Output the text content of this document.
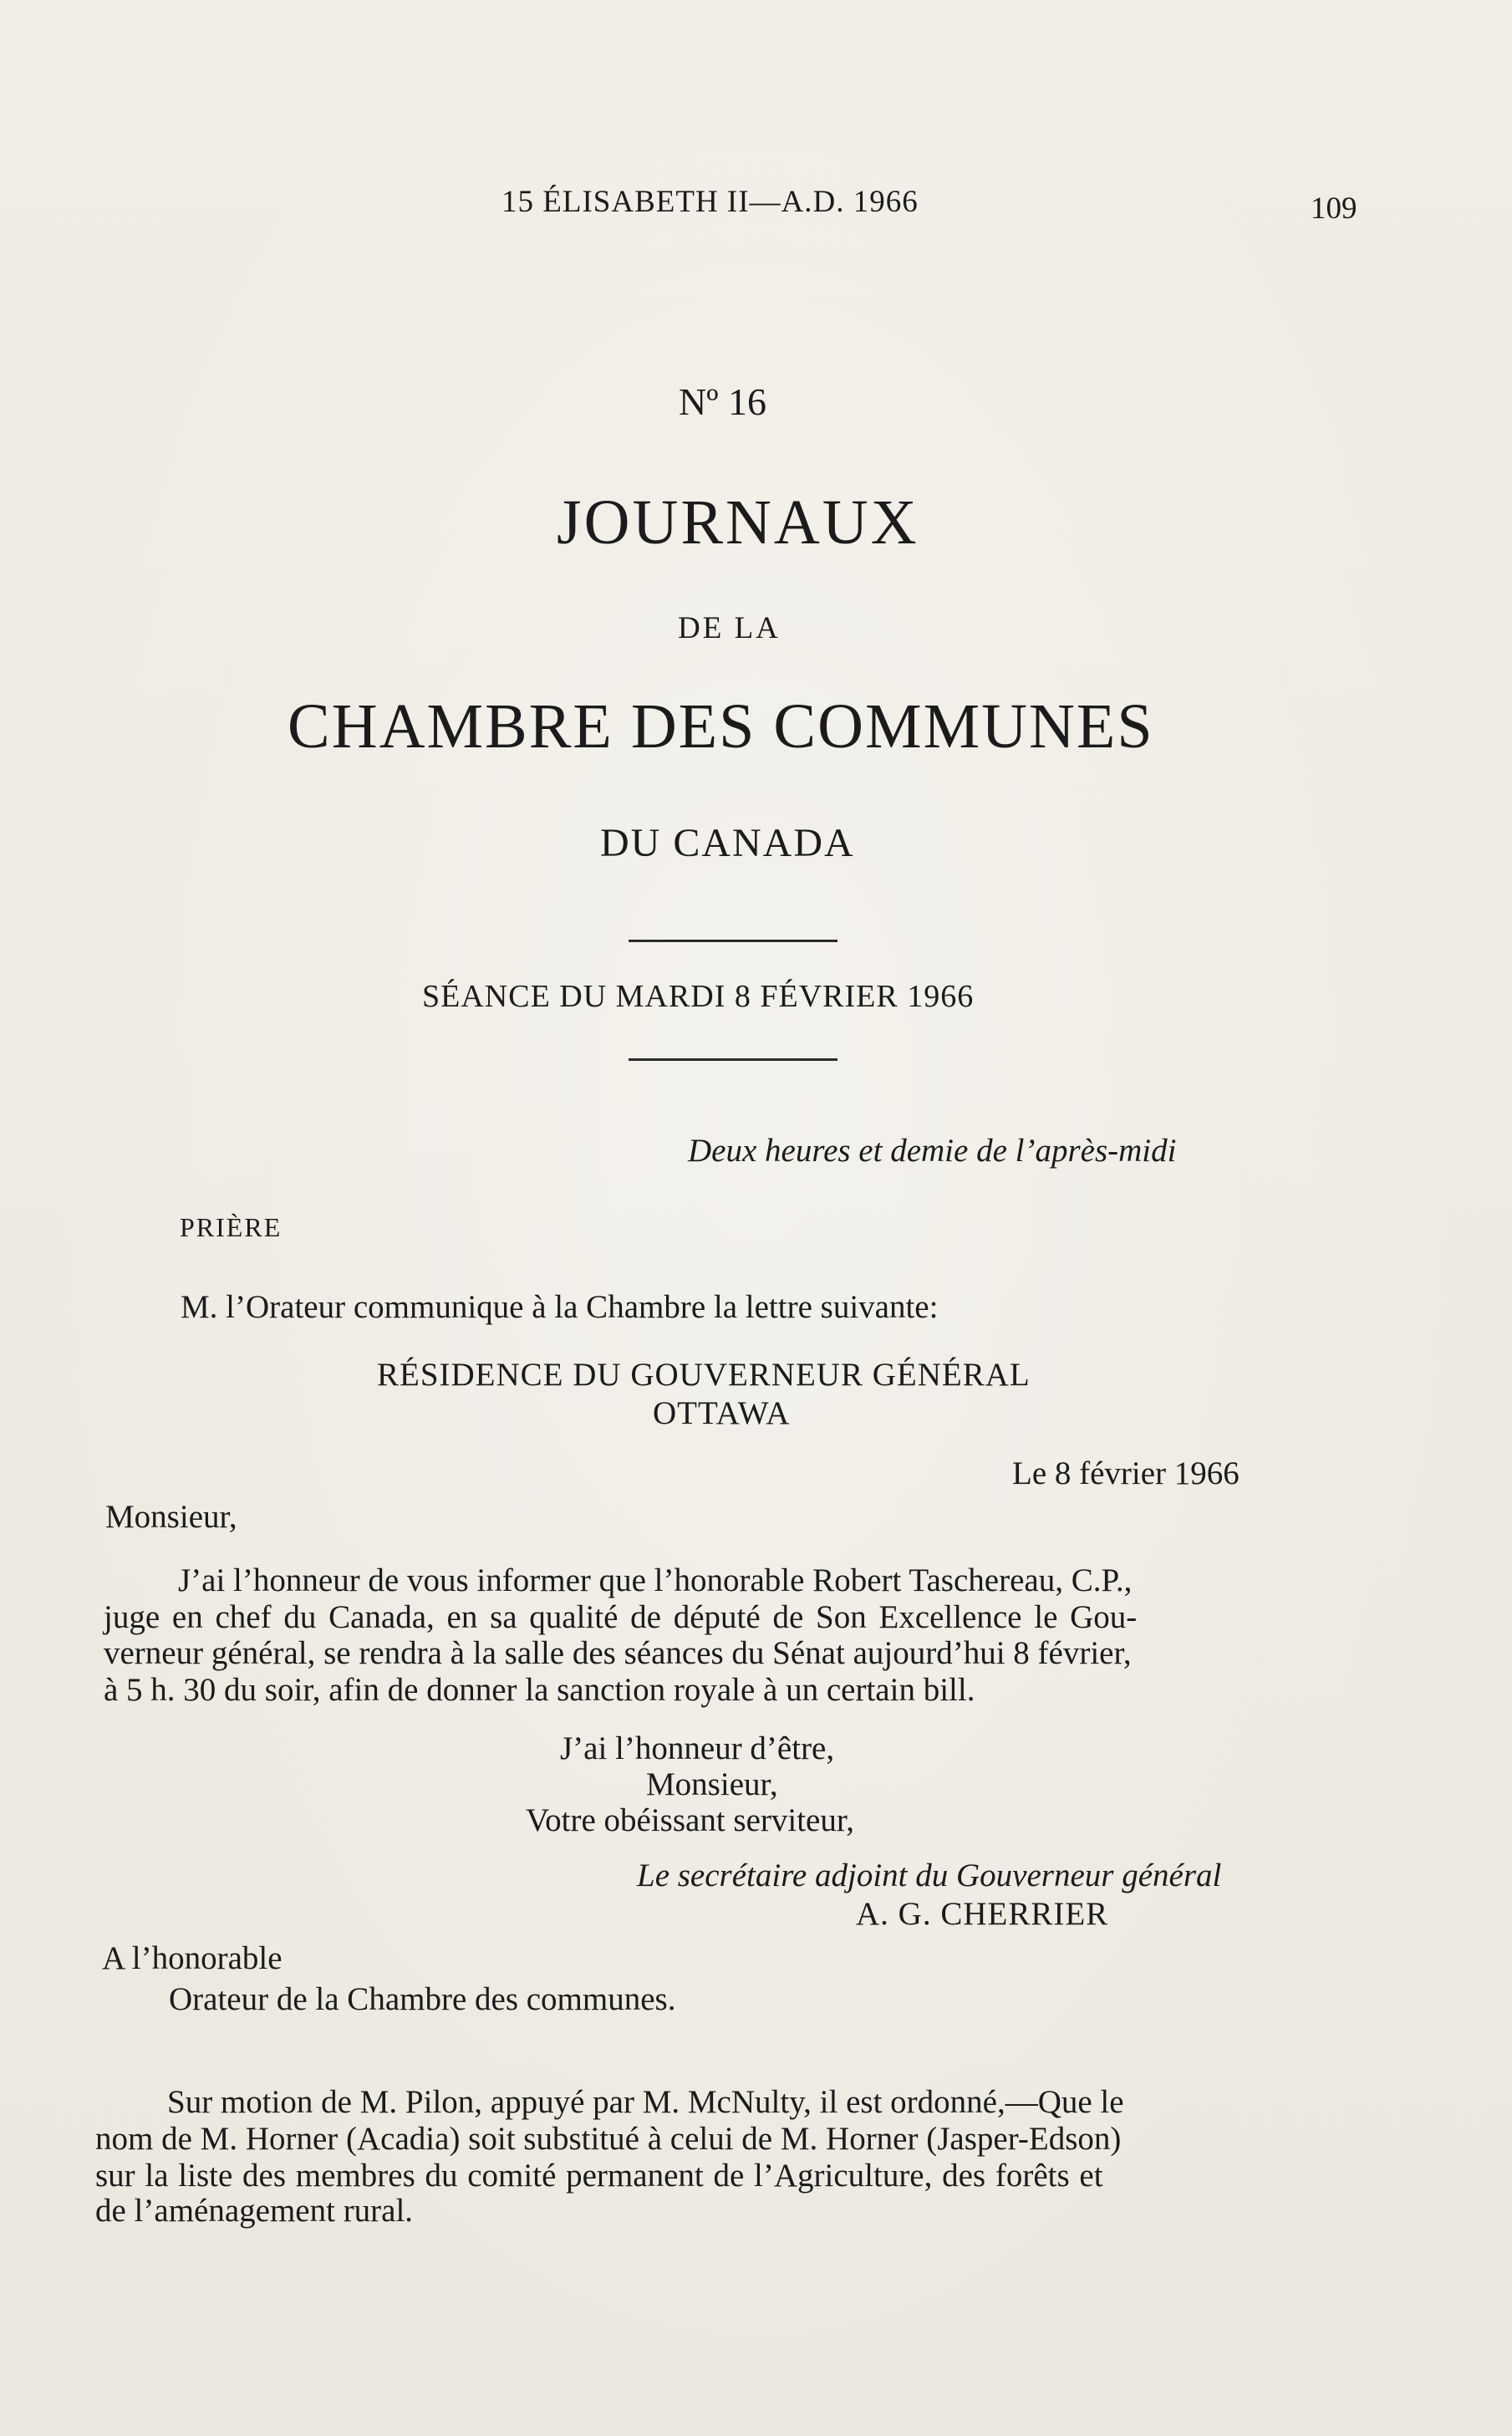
15 ÉLISABETH II—A.D. 1966	109
Nº 16
JOURNAUX
DE LA
CHAMBRE DES COMMUNES
DU CANADA
SÉANCE DU MARDI 8 FÉVRIER 1966
Deux heures et demie de l’après-midi
PRIÈRE
M. l’Orateur communique à la Chambre la lettre suivante:
RÉSIDENCE DU GOUVERNEUR GÉNÉRAL
OTTAWA
Le 8 février 1966
Monsieur,
J’ai l’honneur de vous informer que l’honorable Robert Taschereau, C.P.,
juge en chef du Canada, en sa qualité de député de Son Excellence le Gou-
verneur général, se rendra à la salle des séances du Sénat aujourd’hui 8 février,
à 5 h. 30 du soir, afin de donner la sanction royale à un certain bill.
J’ai l’honneur d’être,
Monsieur,
Votre obéissant serviteur,
Le secrétaire adjoint du Gouverneur général
A. G. CHERRIER
A l’honorable
Orateur de la Chambre des communes.
Sur motion de M. Pilon, appuyé par M. McNulty, il est ordonné,—Que le
nom de M. Horner (Acadia) soit substitué à celui de M. Horner (Jasper-Edson)
sur la liste des membres du comité permanent de l’Agriculture, des forêts et
de l’aménagement rural.
